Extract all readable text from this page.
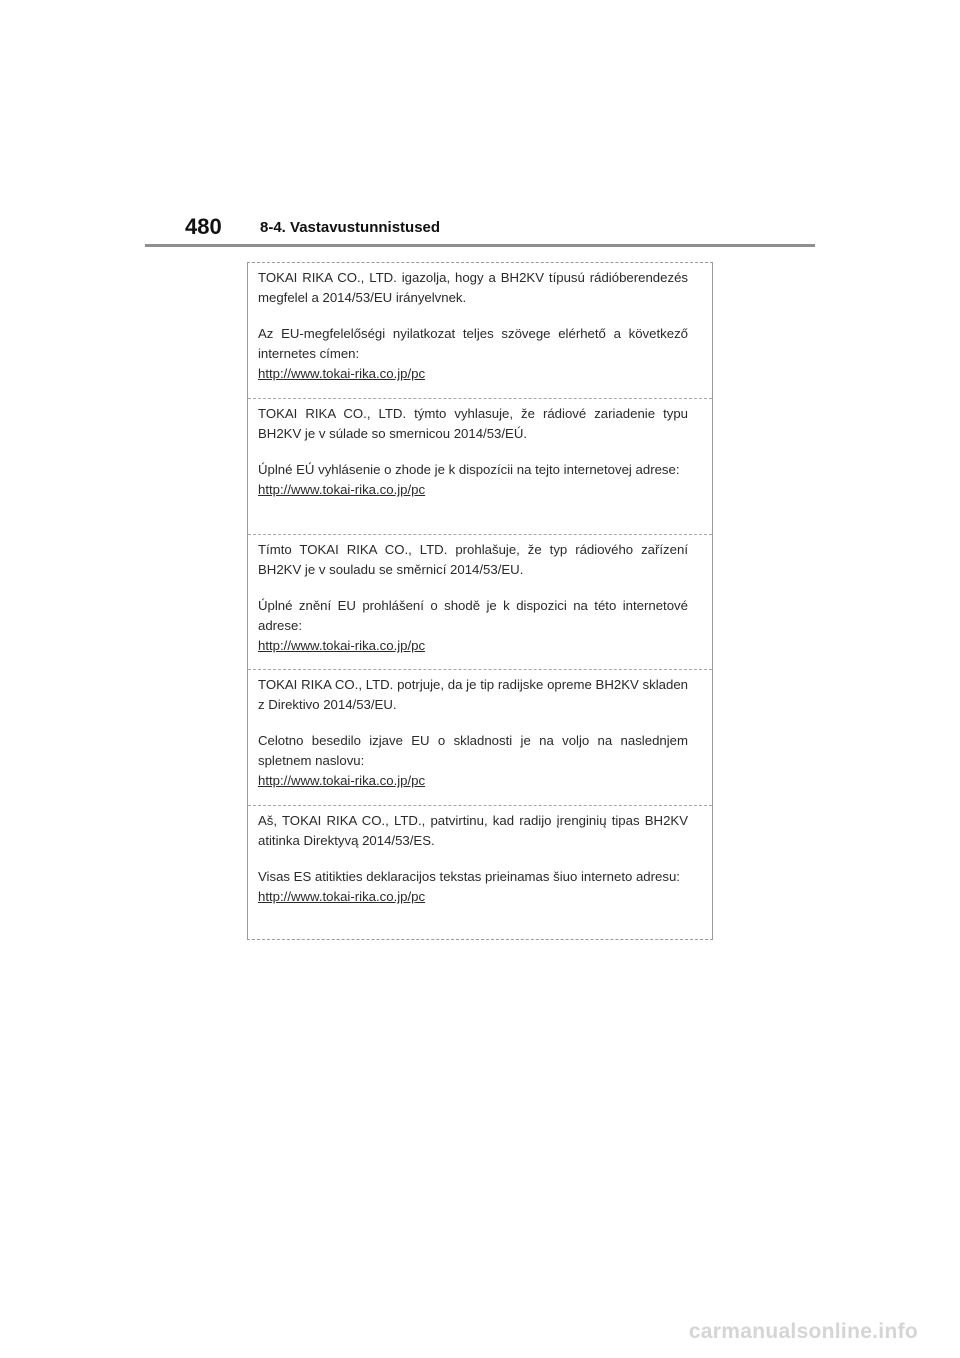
480	8-4. Vastavustunnistused

TOKAI RIKA CO., LTD. igazolja, hogy a BH2KV típusú rádióberendezés megfelel a 2014/53/EU irányelvnek.

Az EU-megfelelőségi nyilatkozat teljes szövege elérhető a következő internetes címen:

http://www.tokai-rika.co.jp/pc

TOKAI RIKA CO., LTD. týmto vyhlasuje, že rádiové zariadenie typu BH2KV je v súlade so smernicou 2014/53/EÚ.

Úplné EÚ vyhlásenie o zhode je k dispozícii na tejto internetovej adrese:

http://www.tokai-rika.co.jp/pc

Tímto TOKAI RIKA CO., LTD. prohlašuje, že typ rádiového zařízení BH2KV je v souladu se směrnicí 2014/53/EU.

Úplné znění EU prohlášení o shodě je k dispozici na této internetové adrese:

http://www.tokai-rika.co.jp/pc

TOKAI RIKA CO., LTD. potrjuje, da je tip radijske opreme BH2KV skladen z Direktivo 2014/53/EU.

Celotno besedilo izjave EU o skladnosti je na voljo na naslednjem spletnem naslovu:

http://www.tokai-rika.co.jp/pc

Aš, TOKAI RIKA CO., LTD., patvirtinu, kad radijo įrenginių tipas BH2KV atitinka Direktyvą 2014/53/ES.

Visas ES atitikties deklaracijos tekstas prieinamas šiuo interneto adresu:

http://www.tokai-rika.co.jp/pc

carmanualsonline.info
